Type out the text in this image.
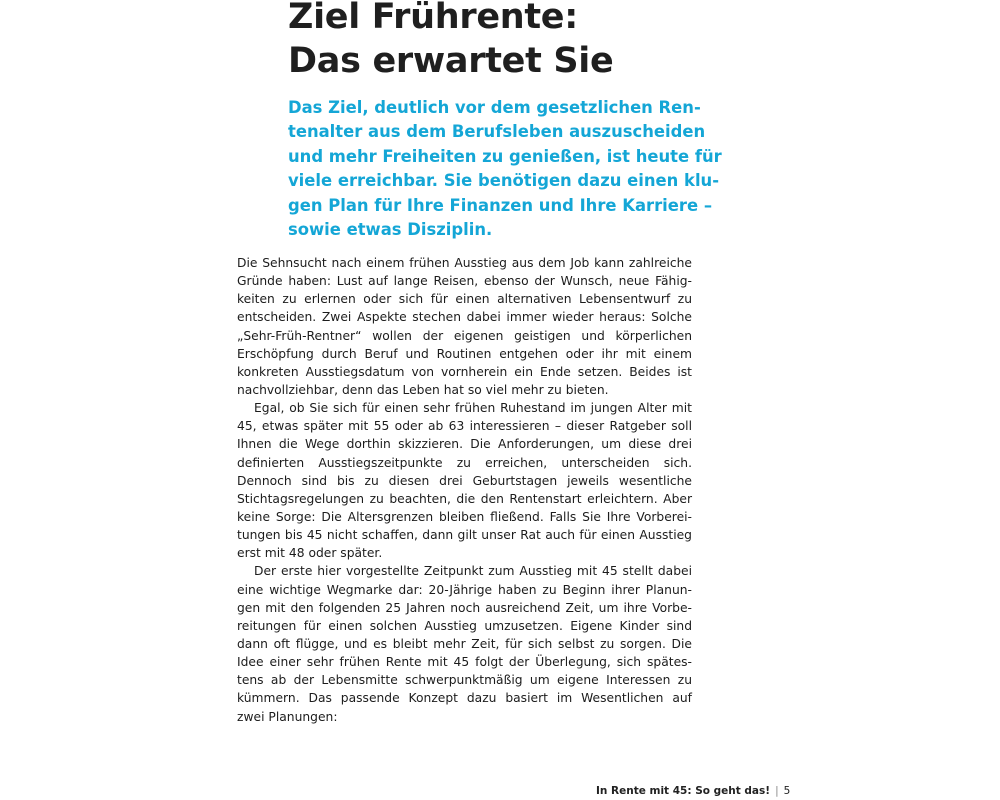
Ziel Frührente:
Das erwartet Sie

Das Ziel, deutlich vor dem gesetzlichen Ren-
tenalter aus dem Berufsleben auszuscheiden
und mehr Freiheiten zu genießen, ist heute für
viele erreichbar. Sie benötigen dazu einen klu-
gen Plan für Ihre Finanzen und Ihre Karriere –
sowie etwas Disziplin.

Die Sehnsucht nach einem frühen Ausstieg aus dem Job kann zahlreiche
Gründe haben: Lust auf lange Reisen, ebenso der Wunsch, neue Fähig-
keiten zu erlernen oder sich für einen alternativen Lebensentwurf zu
entscheiden. Zwei Aspekte stechen dabei immer wieder heraus: Solche
„Sehr-Früh-Rentner“ wollen der eigenen geistigen und körperlichen
Erschöpfung durch Beruf und Routinen entgehen oder ihr mit einem
konkreten Ausstiegsdatum von vornherein ein Ende setzen. Beides ist
nachvollziehbar, denn das Leben hat so viel mehr zu bieten.

Egal, ob Sie sich für einen sehr frühen Ruhestand im jungen Alter mit
45, etwas später mit 55 oder ab 63 interessieren – dieser Ratgeber soll
Ihnen die Wege dorthin skizzieren. Die Anforderungen, um diese drei
definierten Ausstiegszeitpunkte zu erreichen, unterscheiden sich.
Dennoch sind bis zu diesen drei Geburtstagen jeweils wesentliche
Stichtagsregelungen zu beachten, die den Rentenstart erleichtern. Aber
keine Sorge: Die Altersgrenzen bleiben fließend. Falls Sie Ihre Vorberei-
tungen bis 45 nicht schaffen, dann gilt unser Rat auch für einen Ausstieg
erst mit 48 oder später.

Der erste hier vorgestellte Zeitpunkt zum Ausstieg mit 45 stellt dabei
eine wichtige Wegmarke dar: 20-Jährige haben zu Beginn ihrer Planun-
gen mit den folgenden 25 Jahren noch ausreichend Zeit, um ihre Vorbe-
reitungen für einen solchen Ausstieg umzusetzen. Eigene Kinder sind
dann oft flügge, und es bleibt mehr Zeit, für sich selbst zu sorgen. Die
Idee einer sehr frühen Rente mit 45 folgt der Überlegung, sich spätes-
tens ab der Lebensmitte schwerpunktmäßig um eigene Interessen zu
kümmern. Das passende Konzept dazu basiert im Wesentlichen auf
zwei Planungen:

In Rente mit 45: So geht das! | 5
